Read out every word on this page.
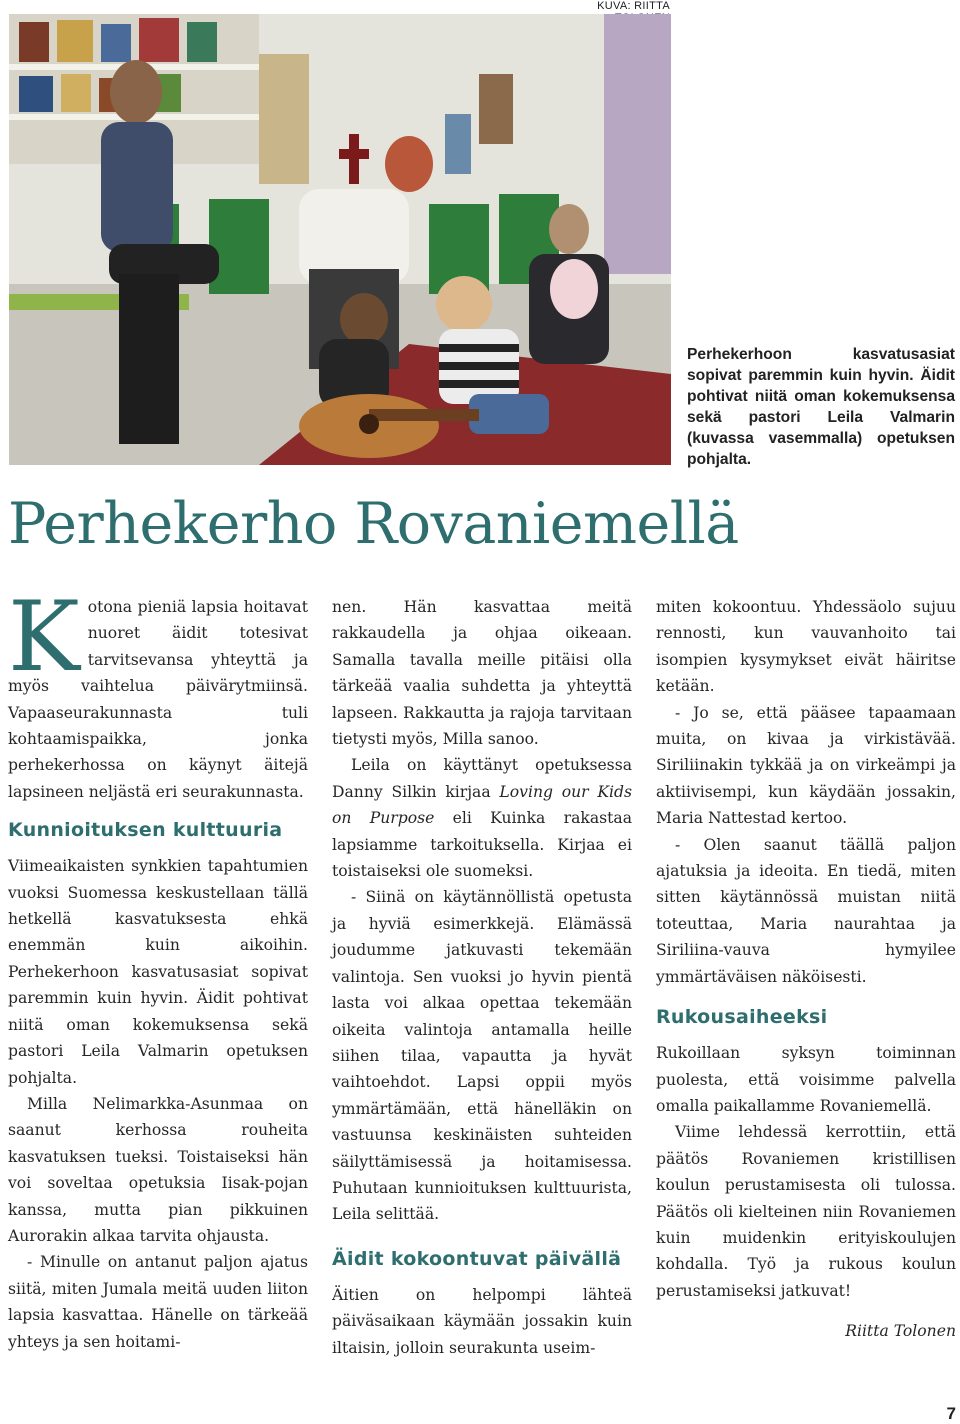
KUVA: RIITTA
Perhekerhoon kasvatusasiat sopivat paremmin kuin hyvin. Äidit pohtivat niitä oman kokemuksensa sekä pastori Leila Valmarin (kuvassa vasemmalla) opetuksen pohjalta.
Perhekerho Rovaniemellä

Kotona pieniä lapsia hoitavat nuoret äidit totesivat tarvitsevansa yhteyttä ja myös vaihtelua päivärytmiinsä. Vapaaseurakunnasta tuli kohtaamispaikka, jonka perhekerhossa on käynyt äitejä lapsineen neljästä eri seurakunnasta.

Kunnioituksen kulttuuria

Viimeaikaisten synkkien tapahtumien vuoksi Suomessa keskustellaan tällä hetkellä kasvatuksesta ehkä enemmän kuin aikoihin. Perhekerhoon kasvatusasiat sopivat paremmin kuin hyvin. Äidit pohtivat niitä oman kokemuksensa sekä pastori Leila Valmarin opetuksen pohjalta.

Milla Nelimarkka-Asunmaa on saanut kerhossa rouheita kasvatuksen tueksi. Toistaiseksi hän voi soveltaa opetuksia Iisak-pojan kanssa, mutta pian pikkuinen Aurorakin alkaa tarvita ohjausta.

- Minulle on antanut paljon ajatus siitä, miten Jumala meitä uuden liiton lapsia kasvattaa. Hänelle on tärkeää yhteys ja sen hoitami-

nen. Hän kasvattaa meitä rakkaudella ja ohjaa oikeaan. Samalla tavalla meille pitäisi olla tärkeää vaalia suhdetta ja yhteyttä lapseen. Rakkautta ja rajoja tarvitaan tietysti myös, Milla sanoo.

Leila on käyttänyt opetuksessa Danny Silkin kirjaa Loving our Kids on Purpose eli Kuinka rakastaa lapsiamme tarkoituksella. Kirjaa ei toistaiseksi ole suomeksi.

- Siinä on käytännöllistä opetusta ja hyviä esimerkkejä. Elämässä joudumme jatkuvasti tekemään valintoja. Sen vuoksi jo hyvin pientä lasta voi alkaa opettaa tekemään oikeita valintoja antamalla heille siihen tilaa, vapautta ja hyvät vaihtoehdot. Lapsi oppii myös ymmärtämään, että hänelläkin on vastuunsa keskinäisten suhteiden säilyttämisessä ja hoitamisessa. Puhutaan kunnioituksen kulttuurista, Leila selittää.

Äidit kokoontuvat päivällä

Äitien on helpompi lähteä päiväsaikaan käymään jossakin kuin iltaisin, jolloin seurakunta useim-

miten kokoontuu. Yhdessäolo sujuu rennosti, kun vauvanhoito tai isompien kysymykset eivät häiritse ketään.

- Jo se, että pääsee tapaamaan muita, on kivaa ja virkistävää. Siriliinakin tykkää ja on virkeämpi ja aktiivisempi, kun käydään jossakin, Maria Nattestad kertoo.

- Olen saanut täällä paljon ajatuksia ja ideoita. En tiedä, miten sitten käytännössä muistan niitä toteuttaa, Maria naurahtaa ja Siriliina-vauva hymyilee ymmärtäväisen näköisesti.

Rukousaiheeksi

Rukoillaan syksyn toiminnan puolesta, että voisimme palvella omalla paikallamme Rovaniemellä.

Viime lehdessä kerrottiin, että päätös Rovaniemen kristillisen koulun perustamisesta oli tulossa. Päätös oli kielteinen niin Rovaniemen kuin muidenkin erityiskoulujen kohdalla. Työ ja rukous koulun perustamiseksi jatkuvat!

Riitta Tolonen

7
